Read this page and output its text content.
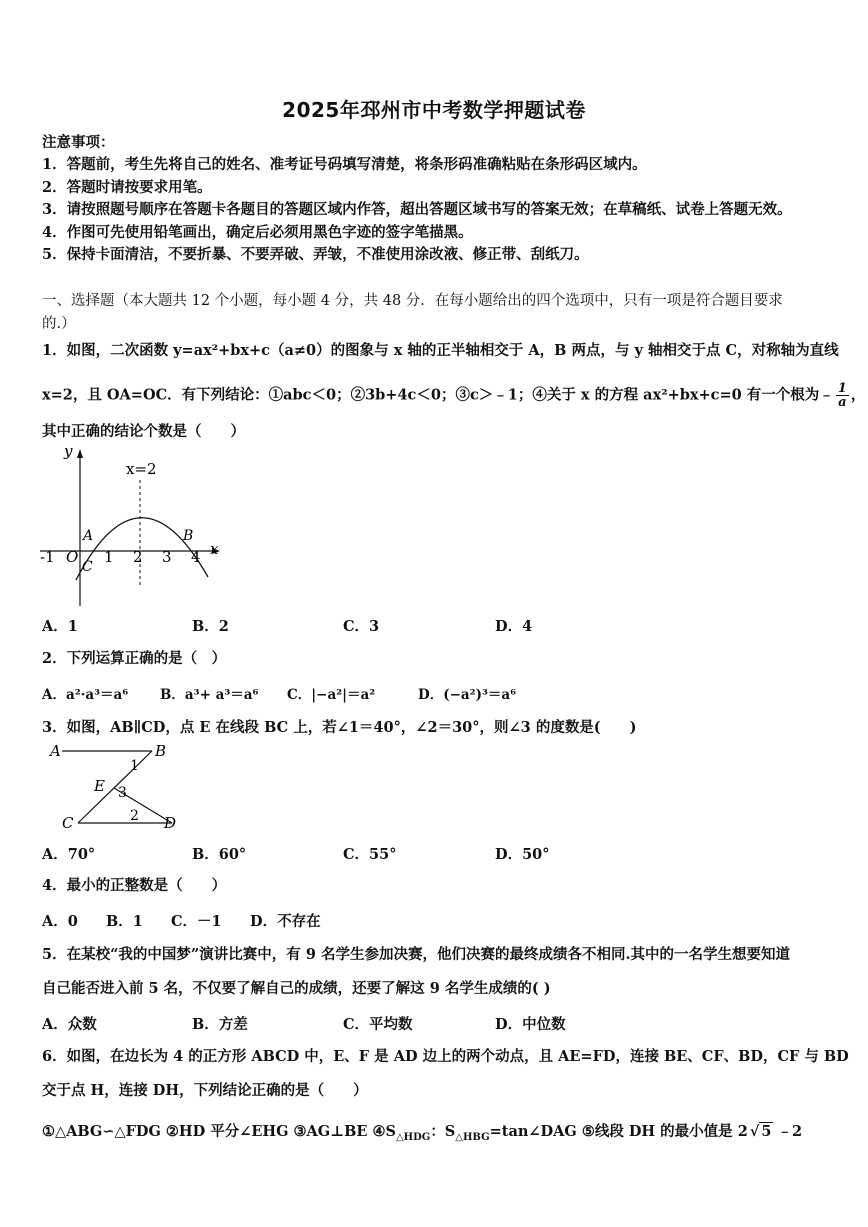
2025年邳州市中考数学押题试卷
注意事项：
1．答题前，考生先将自己的姓名、准考证号码填写清楚，将条形码准确粘贴在条形码区域内。
2．答题时请按要求用笔。
3．请按照题号顺序在答题卡各题目的答题区域内作答，超出答题区域书写的答案无效；在草稿纸、试卷上答题无效。
4．作图可先使用铅笔画出，确定后必须用黑色字迹的签字笔描黑。
5．保持卡面清洁，不要折暴、不要弄破、弄皱，不准使用涂改液、修正带、刮纸刀。
一、选择题（本大题共 12 个小题，每小题 4 分，共 48 分．在每小题给出的四个选项中，只有一项是符合题目要求
的.）
1．如图，二次函数 y=ax²+bx+c（a≠0）的图象与 x 轴的正半轴相交于 A，B 两点，与 y 轴相交于点 C，对称轴为直线
x=2，且 OA=OC．有下列结论：①abc＜0；②3b+4c＜0；③c＞﹣1；④关于 x 的方程 ax²+bx+c=0 有一个根为﹣ $\frac{1}{a}$ ，
其中正确的结论个数是（　　）
y
x
x=2
-1 O 1 2 3 4
A	B
C
A．1	B．2	C．3	D．4
2．下列运算正确的是（　）
A．a²·a³＝a⁶ B．a³+ a³＝a⁶ C．|−a²|＝a²	D．(−a²)³＝a⁶
3．如图，AB∥CD，点 E 在线段 BC 上，若∠1＝40°，∠2＝30°，则∠3 的度数是(　　)
A	B
C	D
E
1
2
3
A．70°	B．60°	C．55°	D．50°
4．最小的正整数是（　　）
A．0 B．1 C．－1 D．不存在
5．在某校“我的中国梦”演讲比赛中，有 9 名学生参加决赛，他们决赛的最终成绩各不相同.其中的一名学生想要知道
自己能否进入前 5 名，不仅要了解自己的成绩，还要了解这 9 名学生成绩的( )
A．众数	B．方差	C．平均数	D．中位数
6．如图，在边长为 4 的正方形 ABCD 中，E、F 是 AD 边上的两个动点，且 AE=FD，连接 BE、CF、BD，CF 与 BD
交于点 H，连接 DH，下列结论正确的是（　　）
①△ABG∽△FDG ②HD 平分∠EHG ③AG⊥BE $④S_{\triangle HDG}$：$S_{\triangle HBG}=\tan\angle DAG$ ⑤线段 DH 的最小值是 2 √ 5 ﹣2
